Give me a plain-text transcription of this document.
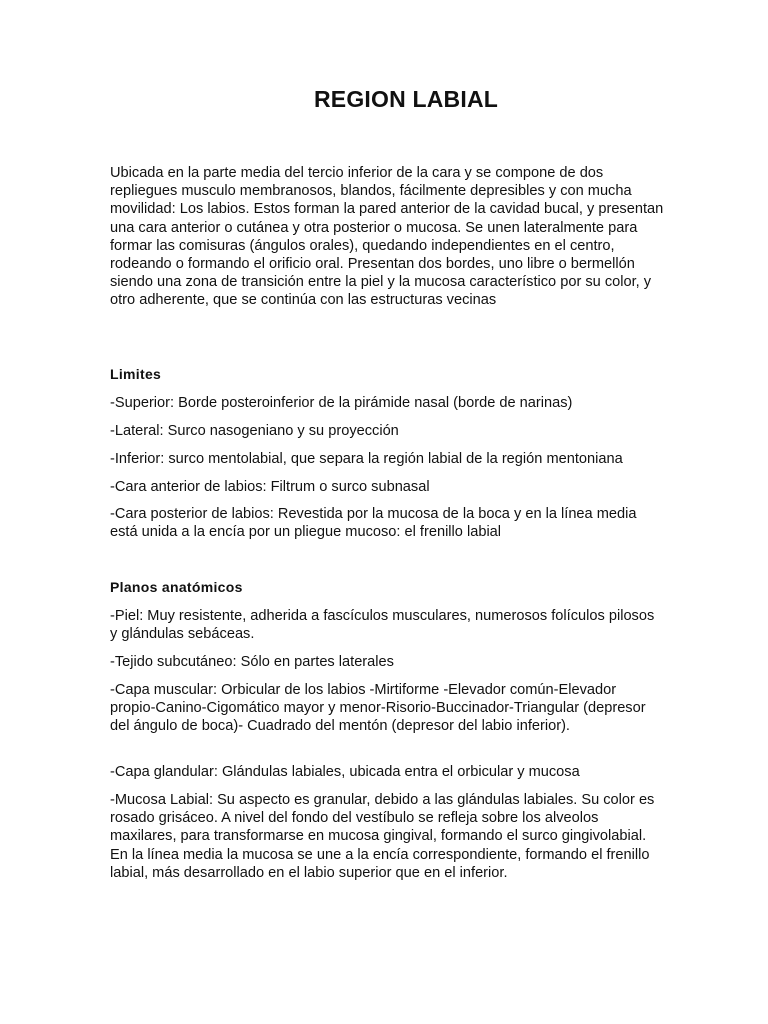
REGION LABIAL

Ubicada en la parte media del tercio inferior de la cara y se compone de dos repliegues musculo membranosos, blandos, fácilmente depresibles y con mucha movilidad: Los labios. Estos forman la pared anterior de la cavidad bucal, y presentan una cara anterior o cutánea y otra posterior o mucosa. Se unen lateralmente para formar las comisuras (ángulos orales), quedando independientes en el centro, rodeando o formando el orificio oral. Presentan dos bordes, uno libre o bermellón siendo una zona de transición entre la piel y la mucosa característico por su color, y otro adherente, que se continúa con las estructuras vecinas

Limites

-Superior: Borde posteroinferior de la pirámide nasal (borde de narinas)

-Lateral: Surco nasogeniano y su proyección

-Inferior: surco mentolabial, que separa la región labial de la región mentoniana

-Cara anterior de labios: Filtrum o surco subnasal

-Cara posterior de labios: Revestida por la mucosa de la boca y en la línea media está unida a la encía por un pliegue mucoso: el frenillo labial

Planos anatómicos

-Piel: Muy resistente, adherida a fascículos musculares, numerosos folículos pilosos y glándulas sebáceas.

-Tejido subcutáneo: Sólo en partes laterales

-Capa muscular: Orbicular de los labios -Mirtiforme -Elevador común-Elevador propio-Canino-Cigomático mayor y menor-Risorio-Buccinador-Triangular (depresor del ángulo de boca)- Cuadrado del mentón (depresor del labio inferior).

-Capa glandular: Glándulas labiales, ubicada entra el orbicular y mucosa

-Mucosa Labial: Su aspecto es granular, debido a las glándulas labiales. Su color es rosado grisáceo. A nivel del fondo del vestíbulo se refleja sobre los alveolos maxilares, para transformarse en mucosa gingival, formando el surco gingivolabial. En la línea media la mucosa se une a la encía correspondiente, formando el frenillo labial, más desarrollado en el labio superior que en el inferior.
